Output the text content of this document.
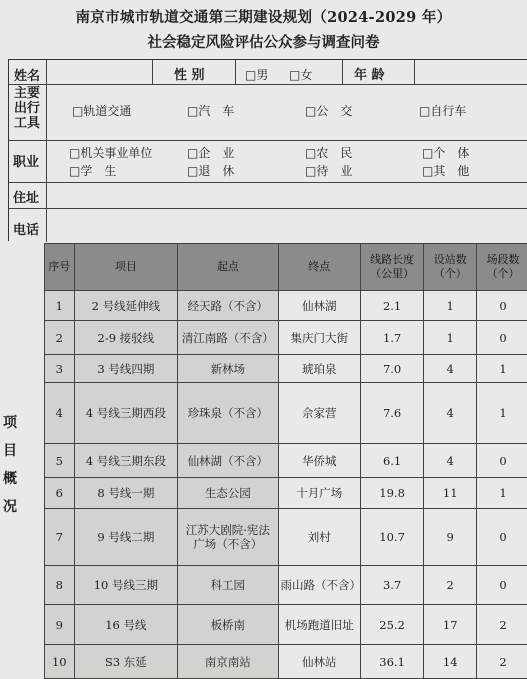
南京市城市轨道交通第三期建设规划（2024-2029 年）
社会稳定风险评估公众参与调查问卷
姓名	性 别	□男 □女	年 龄
主要出行工具
□轨道交通	□汽　车	□公　交	□自行车
职业
□机关事业单位	□企　业	□农　民	□个　体
□学　生	□退　休	□待　业	□其　他
住址
电话
项
目
概
况
序号	项目	起点	终点	线路长度（公里）	设站数（个）	场段数（个）
1	2 号线延伸线	经天路（不含）	仙林湖	2.1	1	0
2	2-9 接驳线	清江南路（不含）	集庆门大街	1.7	1	0
3	3 号线四期	新林场	琥珀泉	7.0	4	1
4	4 号线三期西段	珍珠泉（不含）	佘家营	7.6	4	1
5	4 号线三期东段	仙林湖（不含）	华侨城	6.1	4	0
6	8 号线一期	生态公园	十月广场	19.8	11	1
7	9 号线二期	江苏大剧院·宪法广场（不含）	刘村	10.7	9	0
8	10 号线三期	科工园	雨山路（不含）	3.7	2	0
9	16 号线	板桥南	机场跑道旧址	25.2	17	2
10	S3 东延	南京南站	仙林站	36.1	14	2
